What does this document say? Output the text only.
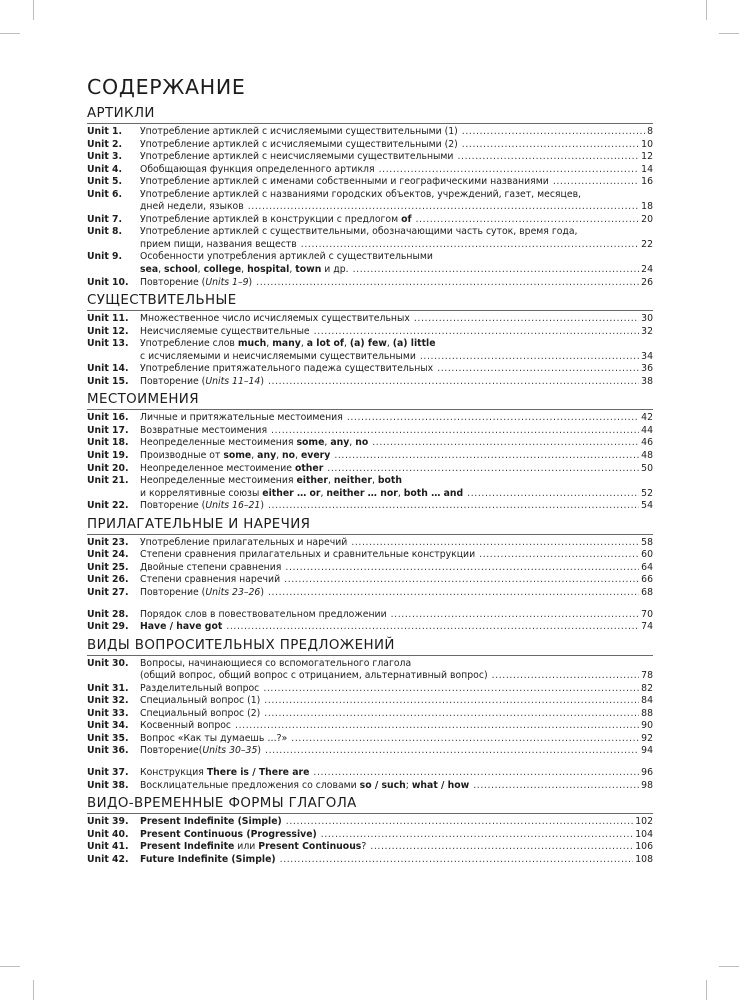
СОДЕРЖАНИЕ
АРТИКЛИ
Unit 1.	Употребление артиклей с исчисляемыми существительными (1) .....	8
Unit 2.	Употребление артиклей с исчисляемыми существительными (2) .....	10
Unit 3.	Употребление артиклей с неисчисляемыми существительными .....	12
Unit 4.	Обобщающая функция определенного артикля .....	14
Unit 5.	Употребление артиклей с именами собственными и географическими названиями .....	16
Unit 6.	Употребление артиклей с названиями городских объектов, учреждений, газет, месяцев,
дней недели, языков .....	18
Unit 7.	Употребление артиклей в конструкции с предлогом of .....	20
Unit 8.	Употребление артиклей с существительными, обозначающими часть суток, время года,
прием пищи, названия веществ .....	22
Unit 9.	Особенности употребления артиклей с существительными
sea, school, college, hospital, town и др. .....	24
Unit 10.	Повторение (Units 1–9) .....	26
СУЩЕСТВИТЕЛЬНЫЕ
Unit 11.	Множественное число исчисляемых существительных .....	30
Unit 12.	Неисчисляемые существительные .....	32
Unit 13.	Употребление слов much, many, a lot of, (a) few, (a) little
с исчисляемыми и неисчисляемыми существительными .....	34
Unit 14.	Употребление притяжательного падежа существительных .....	36
Unit 15.	Повторение (Units 11–14) .....	38
МЕСТОИМЕНИЯ
Unit 16.	Личные и притяжательные местоимения .....	42
Unit 17.	Возвратные местоимения .....	44
Unit 18.	Неопределенные местоимения some, any, no .....	46
Unit 19.	Производные от some, any, no, every .....	48
Unit 20.	Неопределенное местоимение other .....	50
Unit 21.	Неопределенные местоимения either, neither, both
и коррелятивные союзы either … or, neither … nor, both … and .....	52
Unit 22.	Повторение (Units 16–21) .....	54
ПРИЛАГАТЕЛЬНЫЕ И НАРЕЧИЯ
Unit 23.	Употребление прилагательных и наречий .....	58
Unit 24.	Степени сравнения прилагательных и сравнительные конструкции .....	60
Unit 25.	Двойные степени сравнения .....	64
Unit 26.	Степени сравнения наречий .....	66
Unit 27.	Повторение (Units 23–26) .....	68
Unit 28.	Порядок слов в повествовательном предложении .....	70
Unit 29.	Have / have got .....	74
ВИДЫ ВОПРОСИТЕЛЬНЫХ ПРЕДЛОЖЕНИЙ
Unit 30.	Вопросы, начинающиеся со вспомогательного глагола
(общий вопрос, общий вопрос с отрицанием, альтернативный вопрос) .....	78
Unit 31.	Разделительный вопрос .....	82
Unit 32.	Специальный вопрос (1) .....	84
Unit 33.	Специальный вопрос (2) .....	88
Unit 34.	Косвенный вопрос .....	90
Unit 35.	Вопрос «Как ты думаешь …?» .....	92
Unit 36.	Повторение(Units 30–35) .....	94
Unit 37.	Конструкция There is / There are .....	96
Unit 38.	Восклицательные предложения со словами so / such; what / how .....	98
ВИДО-ВРЕМЕННЫЕ ФОРМЫ ГЛАГОЛА
Unit 39.	Present Indefinite (Simple) .....	102
Unit 40.	Present Continuous (Progressive) .....	104
Unit 41.	Present Indefinite или Present Continuous? .....	106
Unit 42.	Future Indefinite (Simple) .....	108
